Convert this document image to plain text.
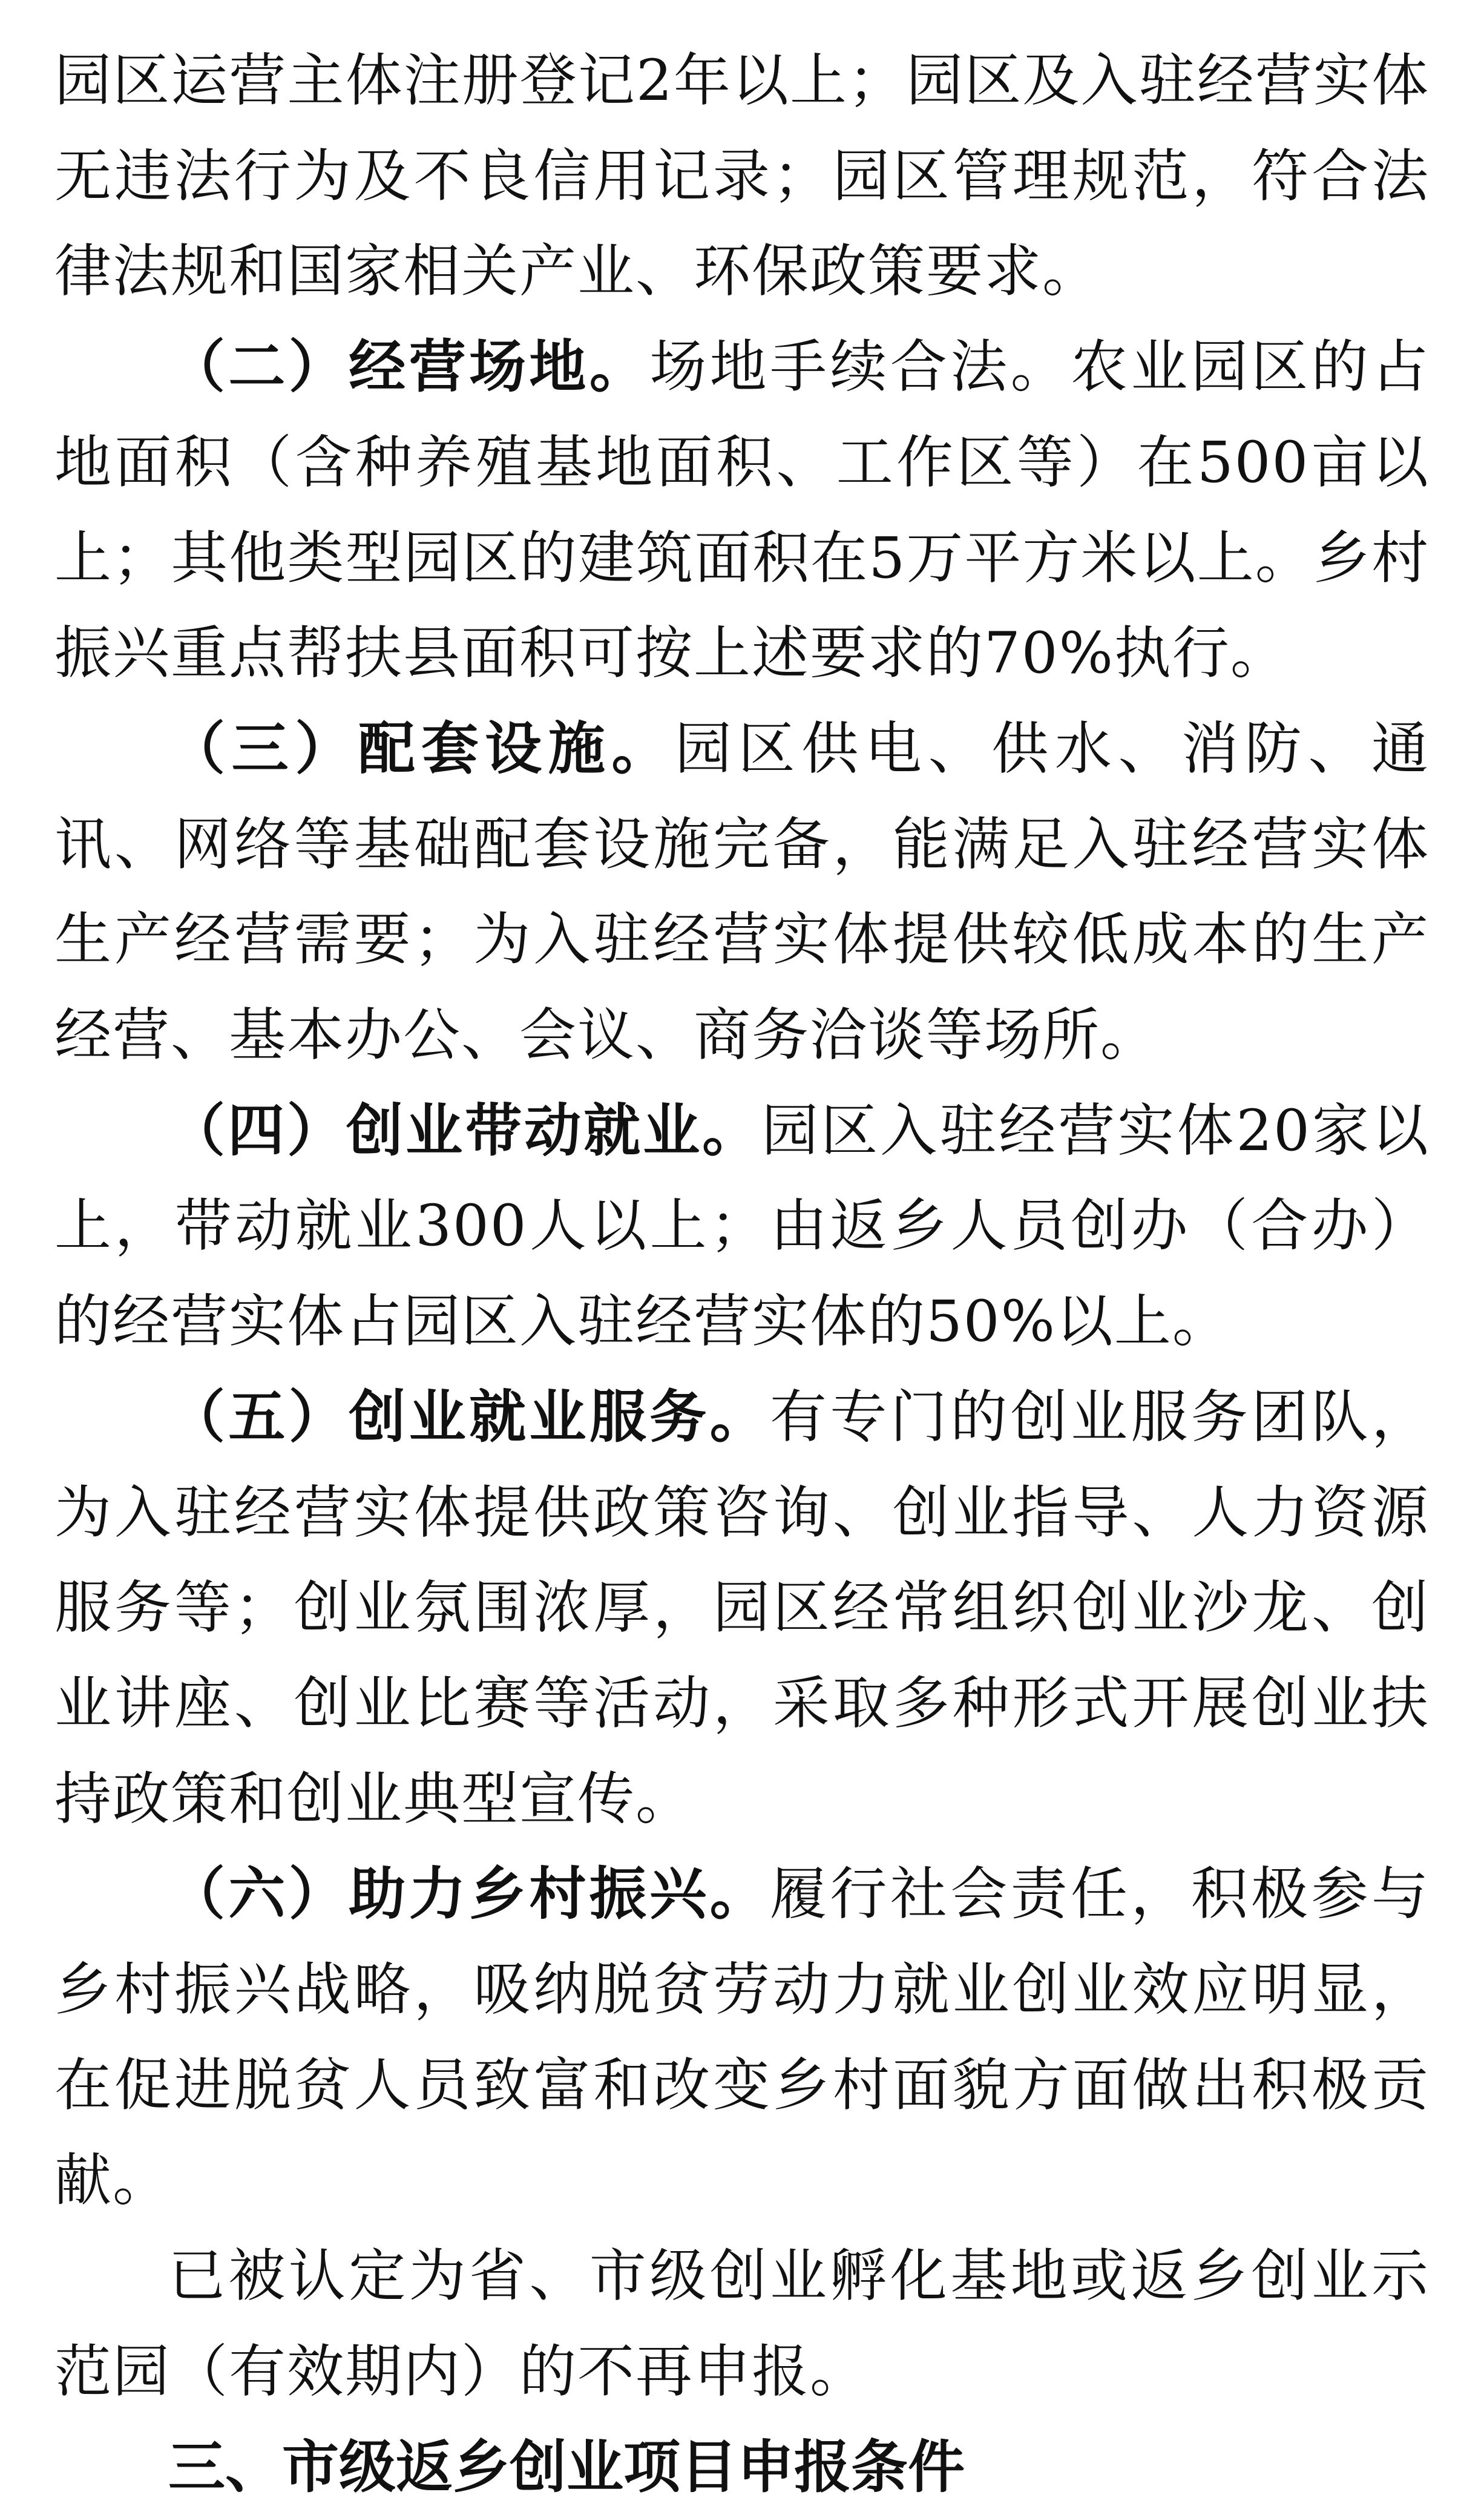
园区运营主体注册登记2年以上；园区及入驻经营实体无违法行为及不良信用记录；园区管理规范，符合法律法规和国家相关产业、环保政策要求。

（二）经营场地。场地手续合法。农业园区的占地面积（含种养殖基地面积、工作区等）在500亩以上；其他类型园区的建筑面积在5万平方米以上。乡村振兴重点帮扶县面积可按上述要求的70%执行。

（三）配套设施。园区供电、供水、消防、通讯、网络等基础配套设施完备，能满足入驻经营实体生产经营需要；为入驻经营实体提供较低成本的生产经营、基本办公、会议、商务洽谈等场所。

（四）创业带动就业。园区入驻经营实体20家以上，带动就业300人以上；由返乡人员创办（合办）的经营实体占园区入驻经营实体的50%以上。

（五）创业就业服务。有专门的创业服务团队，为入驻经营实体提供政策咨询、创业指导、人力资源服务等；创业氛围浓厚，园区经常组织创业沙龙、创业讲座、创业比赛等活动，采取多种形式开展创业扶持政策和创业典型宣传。

（六）助力乡村振兴。履行社会责任，积极参与乡村振兴战略，吸纳脱贫劳动力就业创业效应明显，在促进脱贫人员致富和改变乡村面貌方面做出积极贡献。

已被认定为省、市级创业孵化基地或返乡创业示范园（有效期内）的不再申报。

三、市级返乡创业项目申报条件
